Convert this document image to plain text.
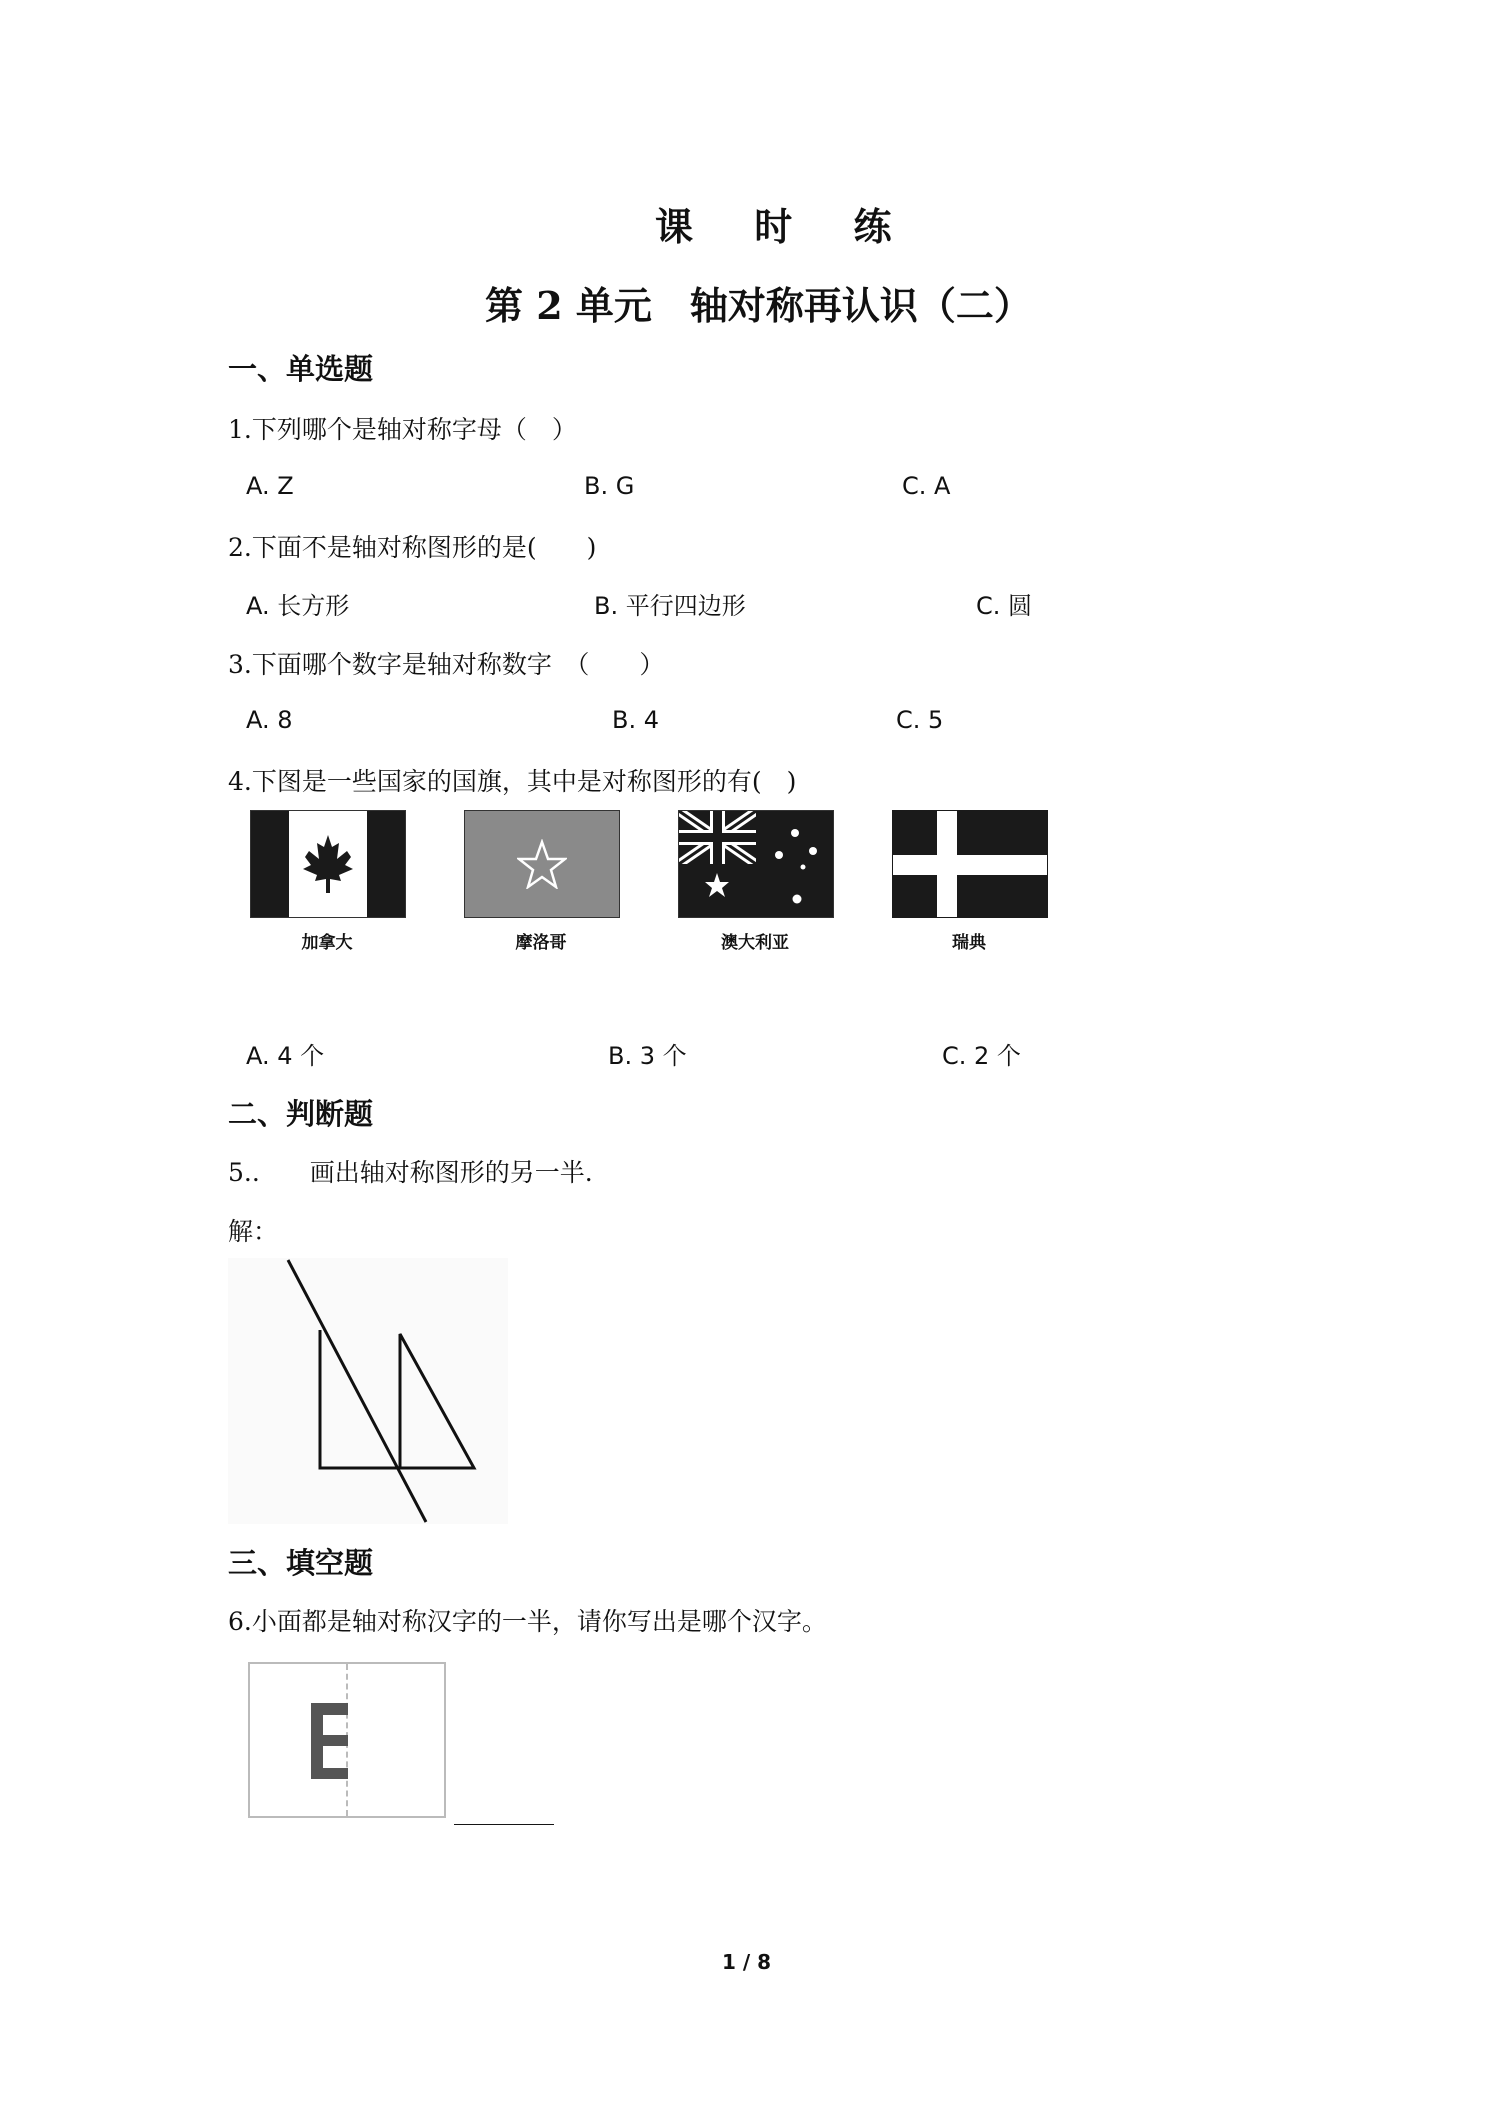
课 时 练
第 2 单元　轴对称再认识（二）
一、单选题
1.下列哪个是轴对称字母（　）
A. Z	B. G	C. A
2.下面不是轴对称图形的是(　　)
A. 长方形	B. 平行四边形	C. 圆
3.下面哪个数字是轴对称数字　（　　）
A. 8	B. 4	C. 5
4.下图是一些国家的国旗，其中是对称图形的有(　)
加拿大	摩洛哥	澳大利亚	瑞典
A. 4 个	B. 3 个	C. 2 个
二、判断题
5..　　画出轴对称图形的另一半.
解：
三、填空题
6.小面都是轴对称汉字的一半，请你写出是哪个汉字。
________
1 / 8
